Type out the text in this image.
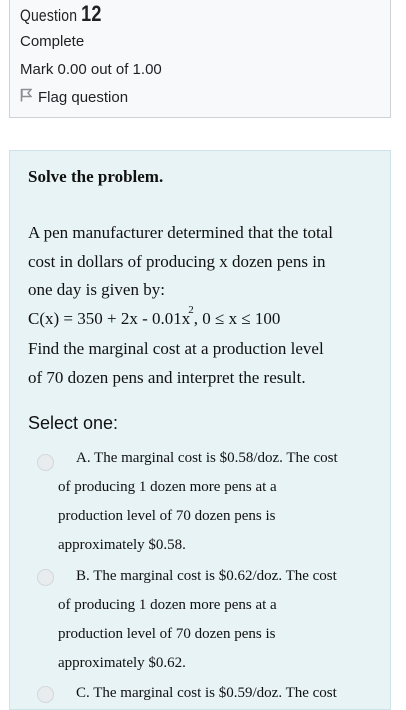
Question 12
Complete
Mark 0.00 out of 1.00
Flag question
Solve the problem.
A pen manufacturer determined that the total
cost in dollars of producing x dozen pens in
one day is given by:
$C(x) = 350 + 2x - 0.01x^2$, 0 ≤ x ≤ 100
Find the marginal cost at a production level
of 70 dozen pens and interpret the result.
Select one:
A. The marginal cost is $0.58/doz. The cost
of producing 1 dozen more pens at a
production level of 70 dozen pens is
approximately $0.58.
B. The marginal cost is $0.62/doz. The cost
of producing 1 dozen more pens at a
production level of 70 dozen pens is
approximately $0.62.
C. The marginal cost is $0.59/doz. The cost
